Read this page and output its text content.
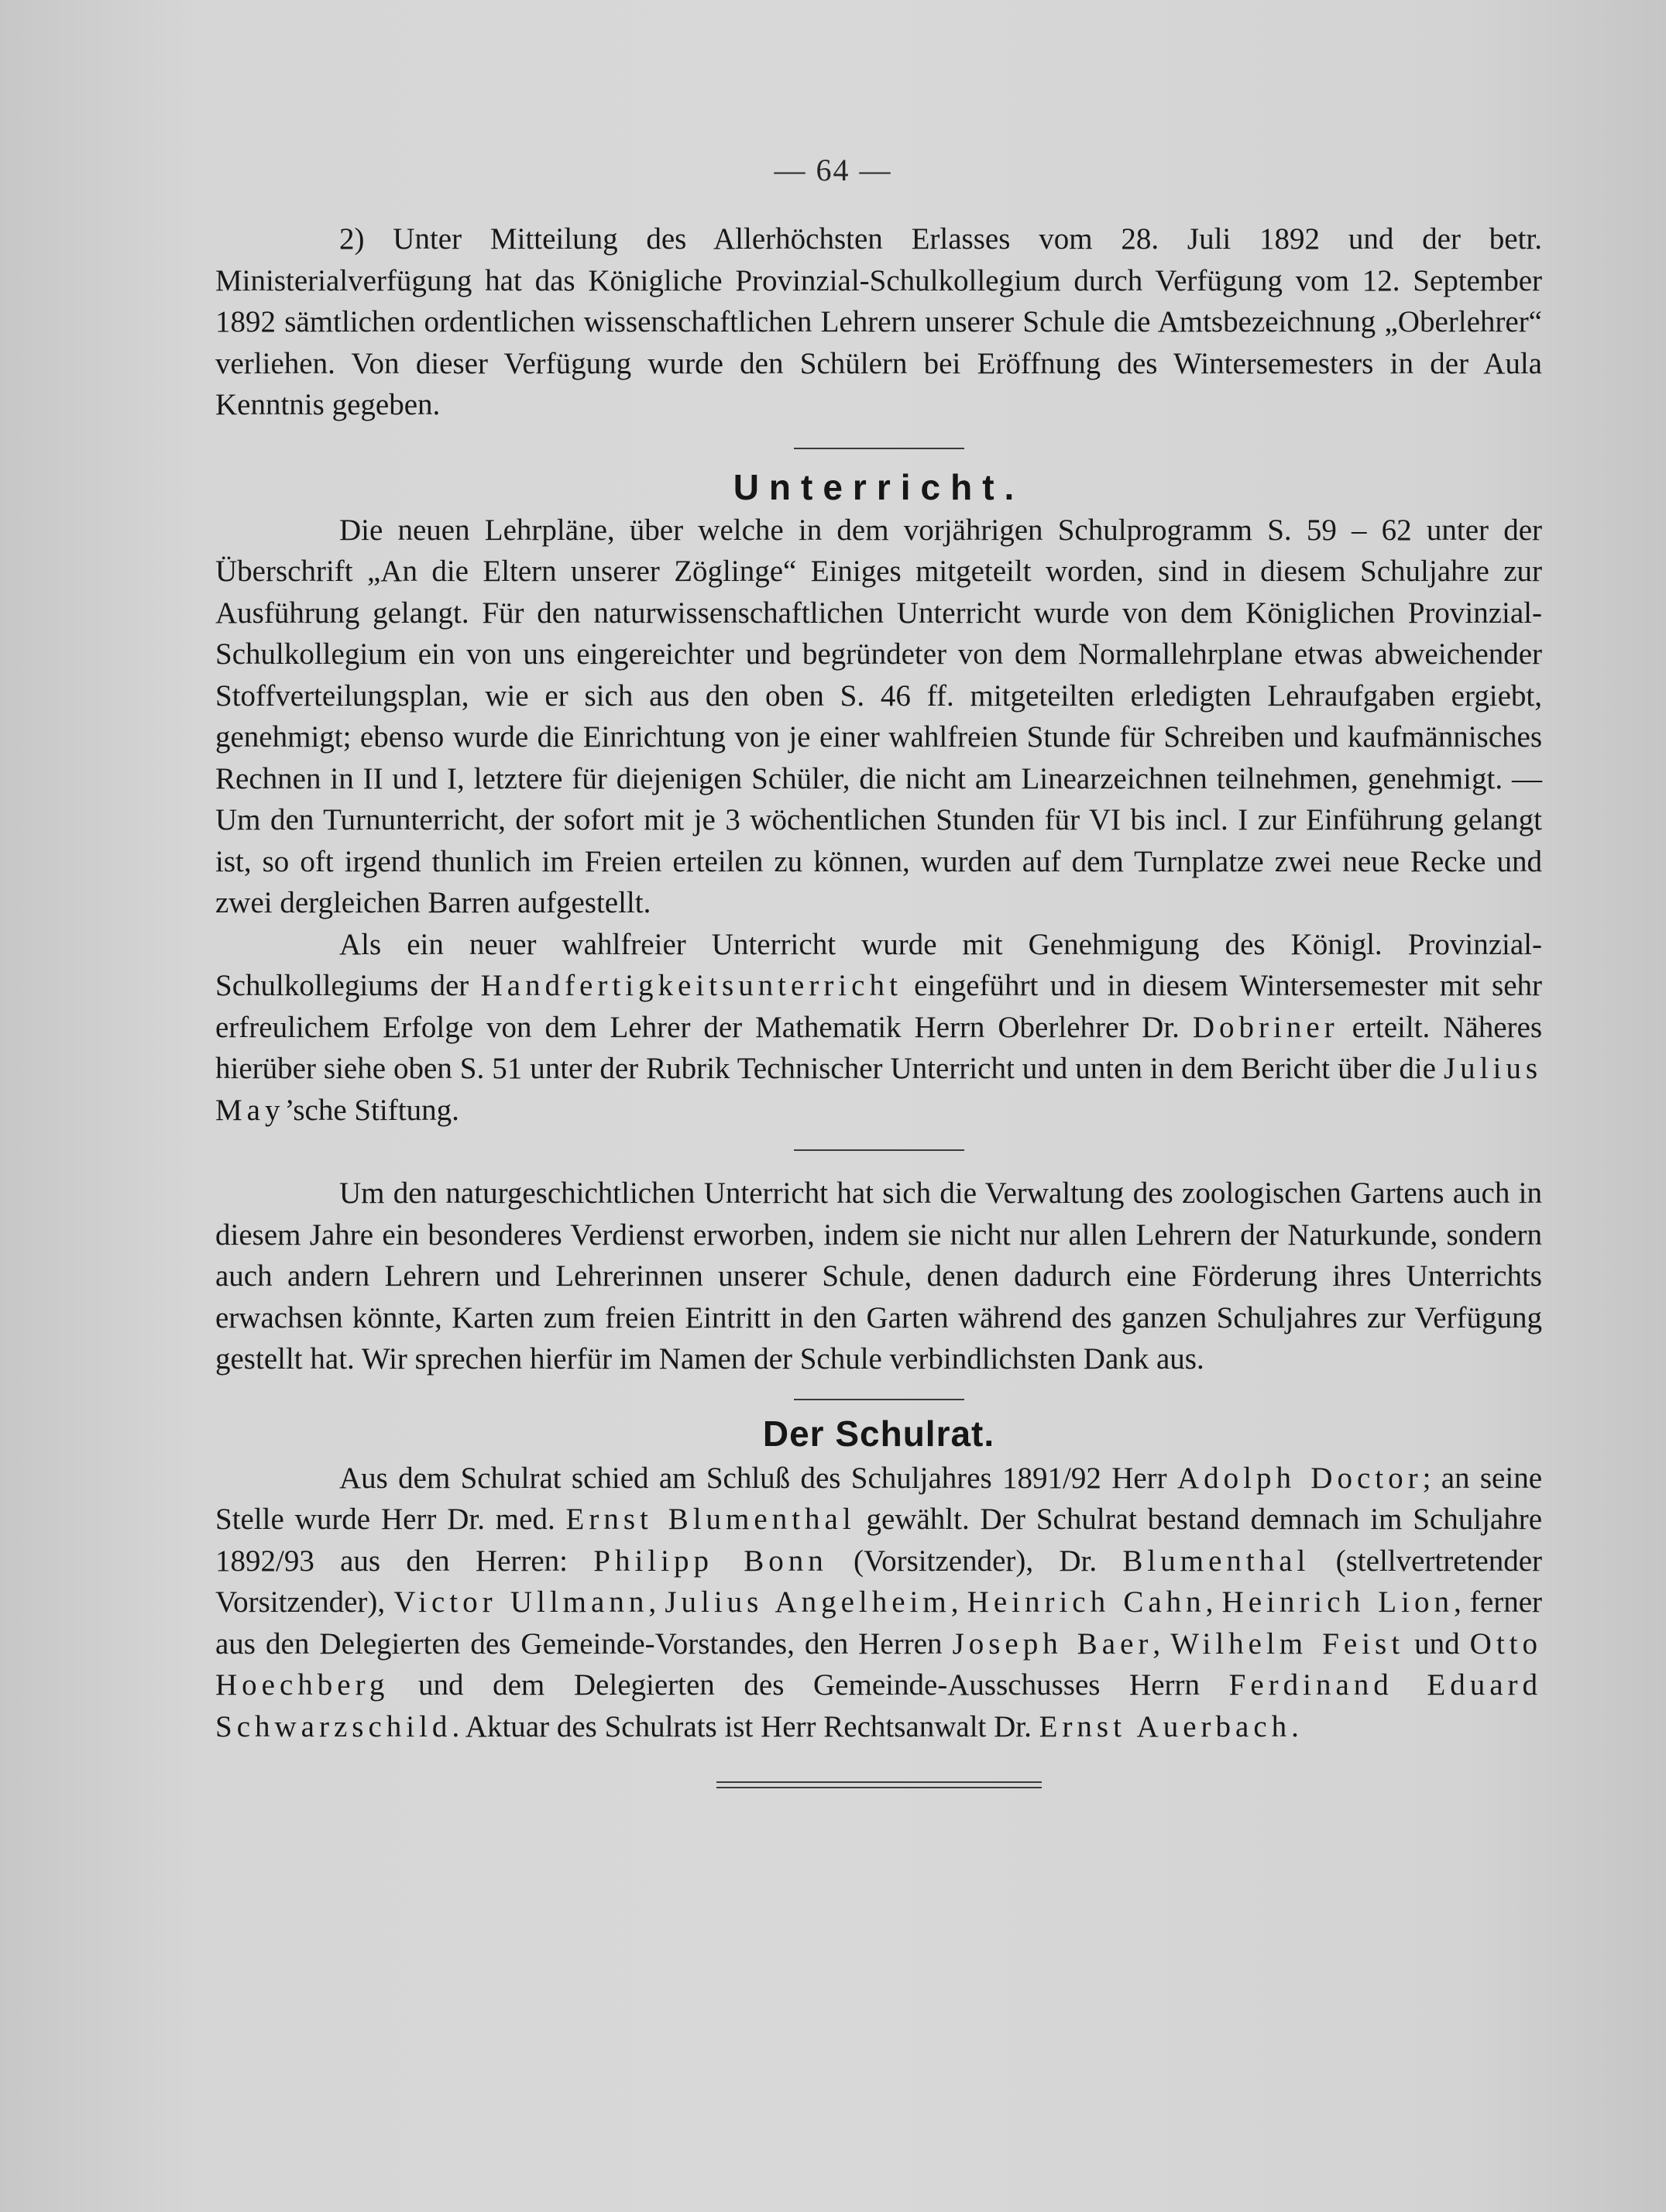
— 64 —

2) Unter Mitteilung des Allerhöchsten Erlasses vom 28. Juli 1892 und der betr. Ministerialverfügung hat das Königliche Provinzial-Schulkollegium durch Verfügung vom 12. September 1892 sämtlichen ordentlichen wissenschaftlichen Lehrern unserer Schule die Amtsbezeichnung „Oberlehrer“ verliehen. Von dieser Verfügung wurde den Schülern bei Eröffnung des Wintersemesters in der Aula Kenntnis gegeben.

Unterricht.

Die neuen Lehrpläne, über welche in dem vorjährigen Schulprogramm S. 59 – 62 unter der Überschrift „An die Eltern unserer Zöglinge“ Einiges mitgeteilt worden, sind in diesem Schuljahre zur Ausführung gelangt. Für den naturwissenschaftlichen Unterricht wurde von dem Königlichen Provinzial-Schulkollegium ein von uns eingereichter und begründeter von dem Normallehrplane etwas abweichender Stoffverteilungsplan, wie er sich aus den oben S. 46 ff. mitgeteilten erledigten Lehraufgaben ergiebt, genehmigt; ebenso wurde die Einrichtung von je einer wahlfreien Stunde für Schreiben und kaufmännisches Rechnen in II und I, letztere für diejenigen Schüler, die nicht am Linearzeichnen teilnehmen, genehmigt. — Um den Turnunterricht, der sofort mit je 3 wöchentlichen Stunden für VI bis incl. I zur Einführung gelangt ist, so oft irgend thunlich im Freien erteilen zu können, wurden auf dem Turnplatze zwei neue Recke und zwei dergleichen Barren aufgestellt.

Als ein neuer wahlfreier Unterricht wurde mit Genehmigung des Königl. Provinzial-Schulkollegiums der Handfertigkeitsunterricht eingeführt und in diesem Wintersemester mit sehr erfreulichem Erfolge von dem Lehrer der Mathematik Herrn Oberlehrer Dr. Dobriner erteilt. Näheres hierüber siehe oben S. 51 unter der Rubrik Technischer Unterricht und unten in dem Bericht über die Julius May’sche Stiftung.

Um den naturgeschichtlichen Unterricht hat sich die Verwaltung des zoologischen Gartens auch in diesem Jahre ein besonderes Verdienst erworben, indem sie nicht nur allen Lehrern der Naturkunde, sondern auch andern Lehrern und Lehrerinnen unserer Schule, denen dadurch eine Förderung ihres Unterrichts erwachsen könnte, Karten zum freien Eintritt in den Garten während des ganzen Schuljahres zur Verfügung gestellt hat. Wir sprechen hierfür im Namen der Schule verbindlichsten Dank aus.

Der Schulrat.

Aus dem Schulrat schied am Schluß des Schuljahres 1891/92 Herr Adolph Doctor; an seine Stelle wurde Herr Dr. med. Ernst Blumenthal gewählt. Der Schulrat bestand demnach im Schuljahre 1892/93 aus den Herren: Philipp Bonn (Vorsitzender), Dr. Blumenthal (stellvertretender Vorsitzender), Victor Ullmann, Julius Angelheim, Heinrich Cahn, Heinrich Lion, ferner aus den Delegierten des Gemeinde-Vorstandes, den Herren Joseph Baer, Wilhelm Feist und Otto Hoechberg und dem Delegierten des Gemeinde-Ausschusses Herrn Ferdinand Eduard Schwarzschild. Aktuar des Schulrats ist Herr Rechtsanwalt Dr. Ernst Auerbach.
